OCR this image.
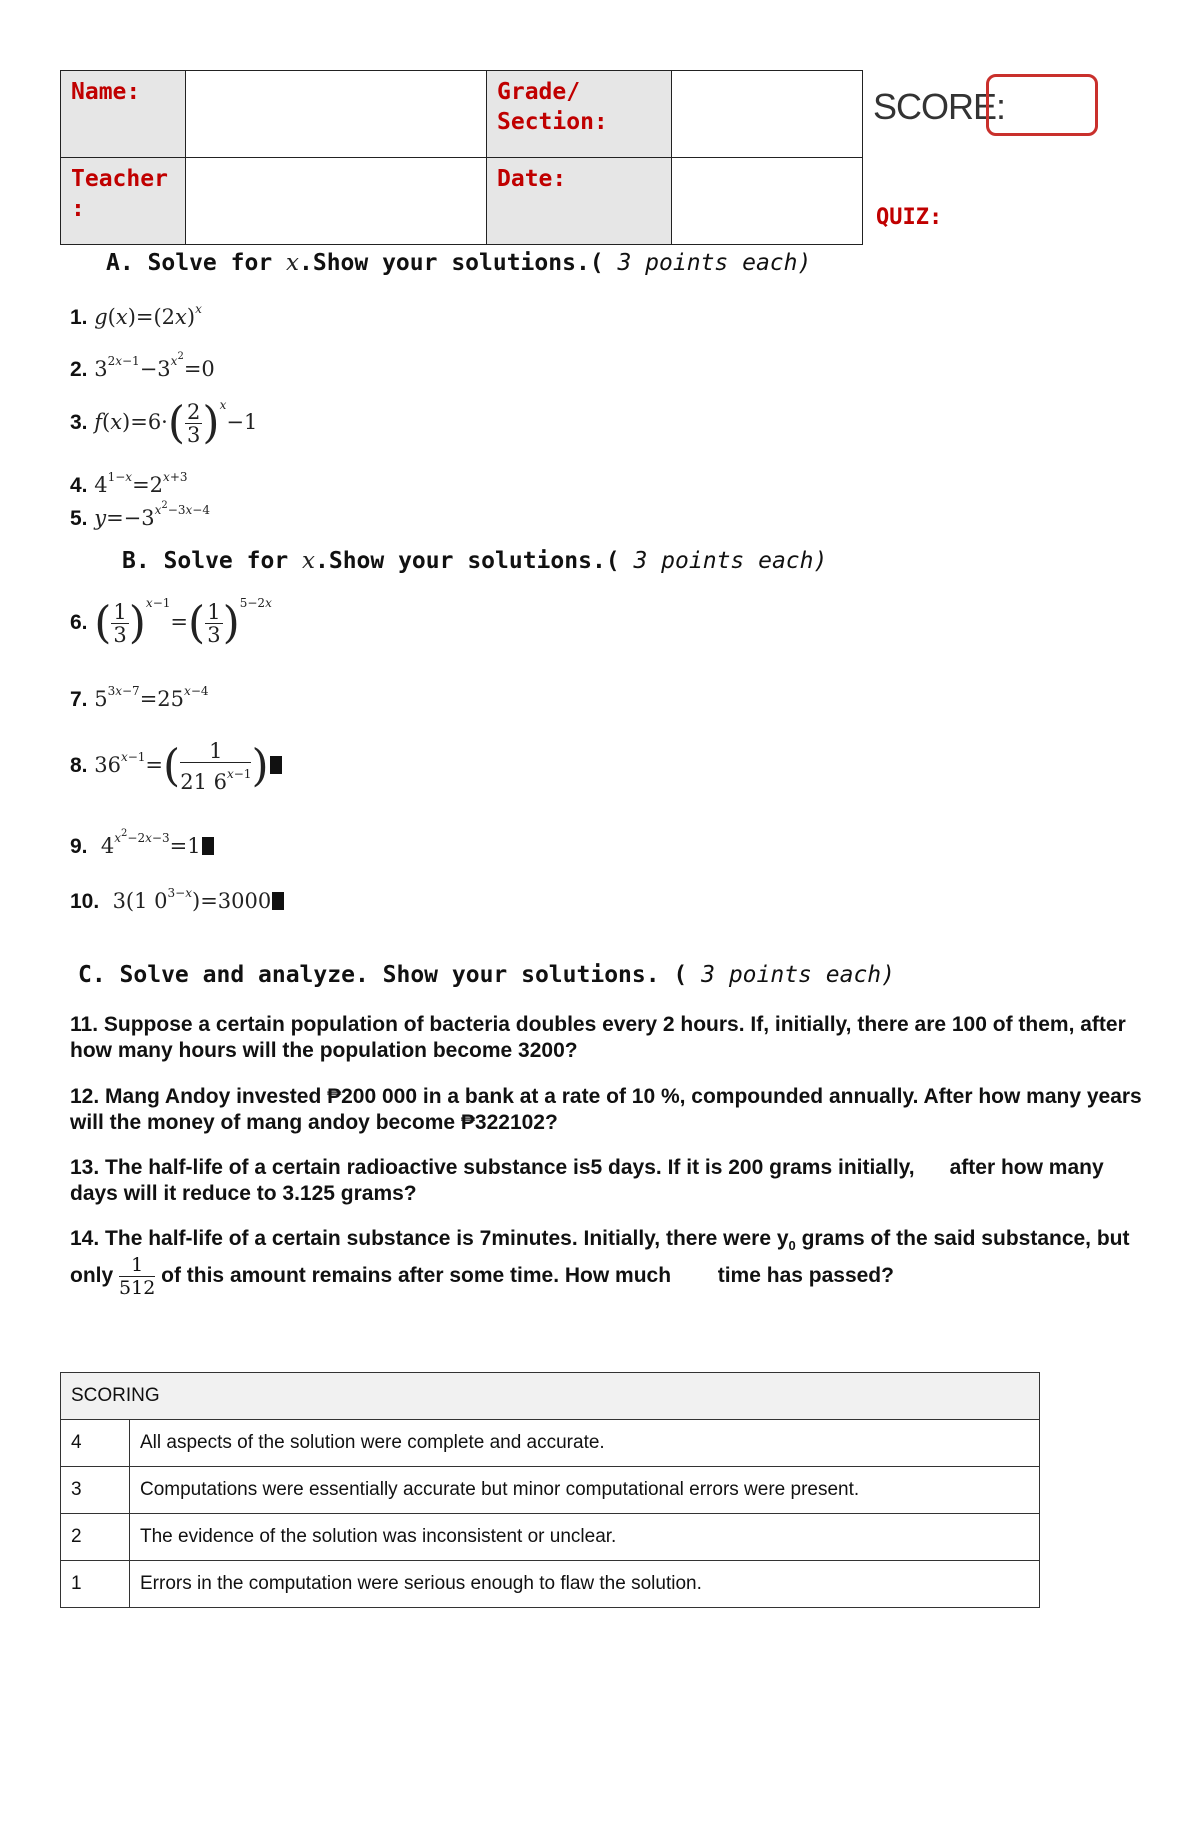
Name:		Grade/
Section:	
Teacher
:		Date:	
SCORE:
QUIZ:
A. Solve for x.Show your solutions.( 3 points each)
1. $g(x)=(2x)^x$
2. $3^{2x-1}-3^{x^2}=0$
3. $f(x)=6\cdot( \frac{2}{3} )^x-1$
4. $4^{1-x}=2^{x+3}$
5. $y=-3^{x^2-3x-4}$
B. Solve for x.Show your solutions.( 3 points each)
6. ( $\frac{1}{3} )^{x-1}=( \frac{1}{3} )^{5-2x}$
7. $5^{3x-7}=25^{x-4}$
8. $36^{x-1}=( \frac{1}{21 6^{x-1}}$ )
9.  $4^{x^2-2x-3}=1$
10.  3(1 $0^{3-x})=3000$
C. Solve and analyze. Show your solutions. ( 3 points each)
11. Suppose a certain population of bacteria doubles every 2 hours. If, initially, there are 100 of them, after how many hours will the population become 3200?
12. Mang Andoy invested ₱200 000 in a bank at a rate of 10 %, compounded annually. After how many years will the money of mang andoy become ₱322102?
13. The half-life of a certain radioactive substance is5 days. If it is 200 grams initially,      after how many days will it reduce to 3.125 grams?
14. The half-life of a certain substance is 7minutes. Initially, there were $y_0$ grams of the said substance, but
only $\frac{1}{512}$ of this amount remains after some time. How much        time has passed?
SCORING	
4	All aspects of the solution were complete and accurate.
3	Computations were essentially accurate but minor computational errors were present.
2	The evidence of the solution was inconsistent or unclear.
1	Errors in the computation were serious enough to flaw the solution.
